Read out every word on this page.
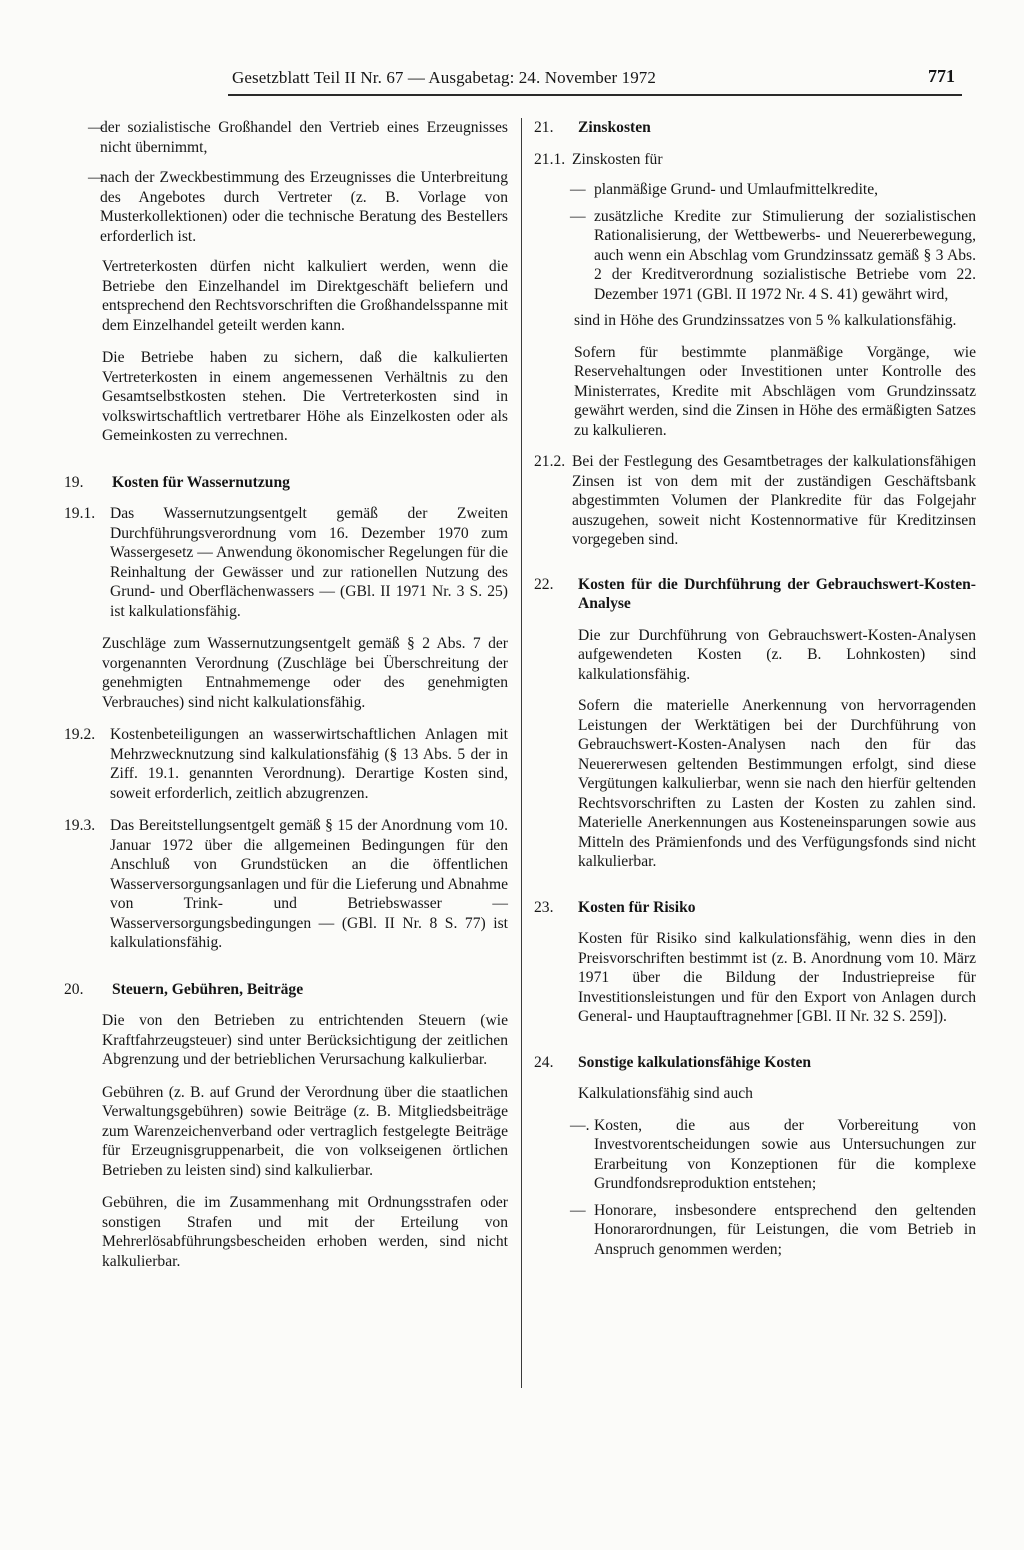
Gesetzblatt Teil II Nr. 67 — Ausgabetag: 24. November 1972	771

—
der sozialistische Großhandel den Vertrieb eines Erzeugnisses nicht übernimmt,

—
nach der Zweckbestimmung des Erzeugnisses die Unterbreitung des Angebotes durch Vertreter (z. B. Vorlage von Musterkollektionen) oder die technische Beratung des Bestellers erforderlich ist.

Vertreterkosten dürfen nicht kalkuliert werden, wenn die Betriebe den Einzelhandel im Direktgeschäft beliefern und entsprechend den Rechtsvorschriften die Großhandelsspanne mit dem Einzelhandel geteilt werden kann.

Die Betriebe haben zu sichern, daß die kalkulierten Vertreterkosten in einem angemessenen Verhältnis zu den Gesamtselbstkosten stehen. Die Vertreterkosten sind in volkswirtschaftlich vertretbarer Höhe als Einzelkosten oder als Gemeinkosten zu verrechnen.

19.	Kosten für Wassernutzung
19.1. Das Wassernutzungsentgelt gemäß der Zweiten Durchführungsverordnung vom 16. Dezember 1970 zum Wassergesetz — Anwendung ökonomischer Regelungen für die Reinhaltung der Gewässer und zur rationellen Nutzung des Grund- und Oberflächenwassers — (GBl. II 1971 Nr. 3 S. 25) ist kalkulationsfähig.

Zuschläge zum Wassernutzungsentgelt gemäß § 2 Abs. 7 der vorgenannten Verordnung (Zuschläge bei Überschreitung der genehmigten Entnahmemenge oder des genehmigten Verbrauches) sind nicht kalkulationsfähig.

19.2. Kostenbeteiligungen an wasserwirtschaftlichen Anlagen mit Mehrzwecknutzung sind kalkulationsfähig (§ 13 Abs. 5 der in Ziff. 19.1. genannten Verordnung). Derartige Kosten sind, soweit erforderlich, zeitlich abzugrenzen.
19.3. Das Bereitstellungsentgelt gemäß § 15 der Anordnung vom 10. Januar 1972 über die allgemeinen Bedingungen für den Anschluß von Grundstücken an die öffentlichen Wasserversorgungsanlagen und für die Lieferung und Abnahme von Trink- und Betriebswasser — Wasserversorgungsbedingungen — (GBl. II Nr. 8 S. 77) ist kalkulationsfähig.
20.	Steuern, Gebühren, Beiträge

Die von den Betrieben zu entrichtenden Steuern (wie Kraftfahrzeugsteuer) sind unter Berücksichtigung der zeitlichen Abgrenzung und der betrieblichen Verursachung kalkulierbar.

Gebühren (z. B. auf Grund der Verordnung über die staatlichen Verwaltungsgebühren) sowie Beiträge (z. B. Mitgliedsbeiträge zum Warenzeichenverband oder vertraglich festgelegte Beiträge für Erzeugnisgruppenarbeit, die von volkseigenen örtlichen Betrieben zu leisten sind) sind kalkulierbar.

Gebühren, die im Zusammenhang mit Ordnungsstrafen oder sonstigen Strafen und mit der Erteilung von Mehrerlösabführungsbescheiden erhoben werden, sind nicht kalkulierbar.

21.	Zinskosten
21.1. Zinskosten für

— planmäßige Grund- und Umlaufmittelkredite,

— zusätzliche Kredite zur Stimulierung der sozialistischen Rationalisierung, der Wettbewerbs- und Neuererbewegung, auch wenn ein Abschlag vom Grundzinssatz gemäß § 3 Abs. 2 der Kreditverordnung sozialistische Betriebe vom 22. Dezember 1971 (GBl. II 1972 Nr. 4 S. 41) gewährt wird,

sind in Höhe des Grundzinssatzes von 5 % kalkulationsfähig.

Sofern für bestimmte planmäßige Vorgänge, wie Reservehaltungen oder Investitionen unter Kontrolle des Ministerrates, Kredite mit Abschlägen vom Grundzinssatz gewährt werden, sind die Zinsen in Höhe des ermäßigten Satzes zu kalkulieren.

21.2. Bei der Festlegung des Gesamtbetrages der kalkulationsfähigen Zinsen ist von dem mit der zuständigen Geschäftsbank abgestimmten Volumen der Plankredite für das Folgejahr auszugehen, soweit nicht Kostennormative für Kreditzinsen vorgegeben sind.
22.	Kosten für die Durchführung der Gebrauchswert-Kosten-Analyse

Die zur Durchführung von Gebrauchswert-Kosten-Analysen aufgewendeten Kosten (z. B. Lohnkosten) sind kalkulationsfähig.

Sofern die materielle Anerkennung von hervorragenden Leistungen der Werktätigen bei der Durchführung von Gebrauchswert-Kosten-Analysen nach den für das Neuererwesen geltenden Bestimmungen erfolgt, sind diese Vergütungen kalkulierbar, wenn sie nach den hierfür geltenden Rechtsvorschriften zu Lasten der Kosten zu zahlen sind. Materielle Anerkennungen aus Kosteneinsparungen sowie aus Mitteln des Prämienfonds und des Verfügungsfonds sind nicht kalkulierbar.

23.	Kosten für Risiko

Kosten für Risiko sind kalkulationsfähig, wenn dies in den Preisvorschriften bestimmt ist (z. B. Anordnung vom 10. März 1971 über die Bildung der Industriepreise für Investitionsleistungen und für den Export von Anlagen durch General- und Hauptauftragnehmer [GBl. II Nr. 32 S. 259]).

24.	Sonstige kalkulationsfähige Kosten

Kalkulationsfähig sind auch

—. Kosten, die aus der Vorbereitung von Investvorentscheidungen sowie aus Untersuchungen zur Erarbeitung von Konzeptionen für die komplexe Grundfondsreproduktion entstehen;

— Honorare, insbesondere entsprechend den geltenden Honorarordnungen, für Leistungen, die vom Betrieb in Anspruch genommen werden;
